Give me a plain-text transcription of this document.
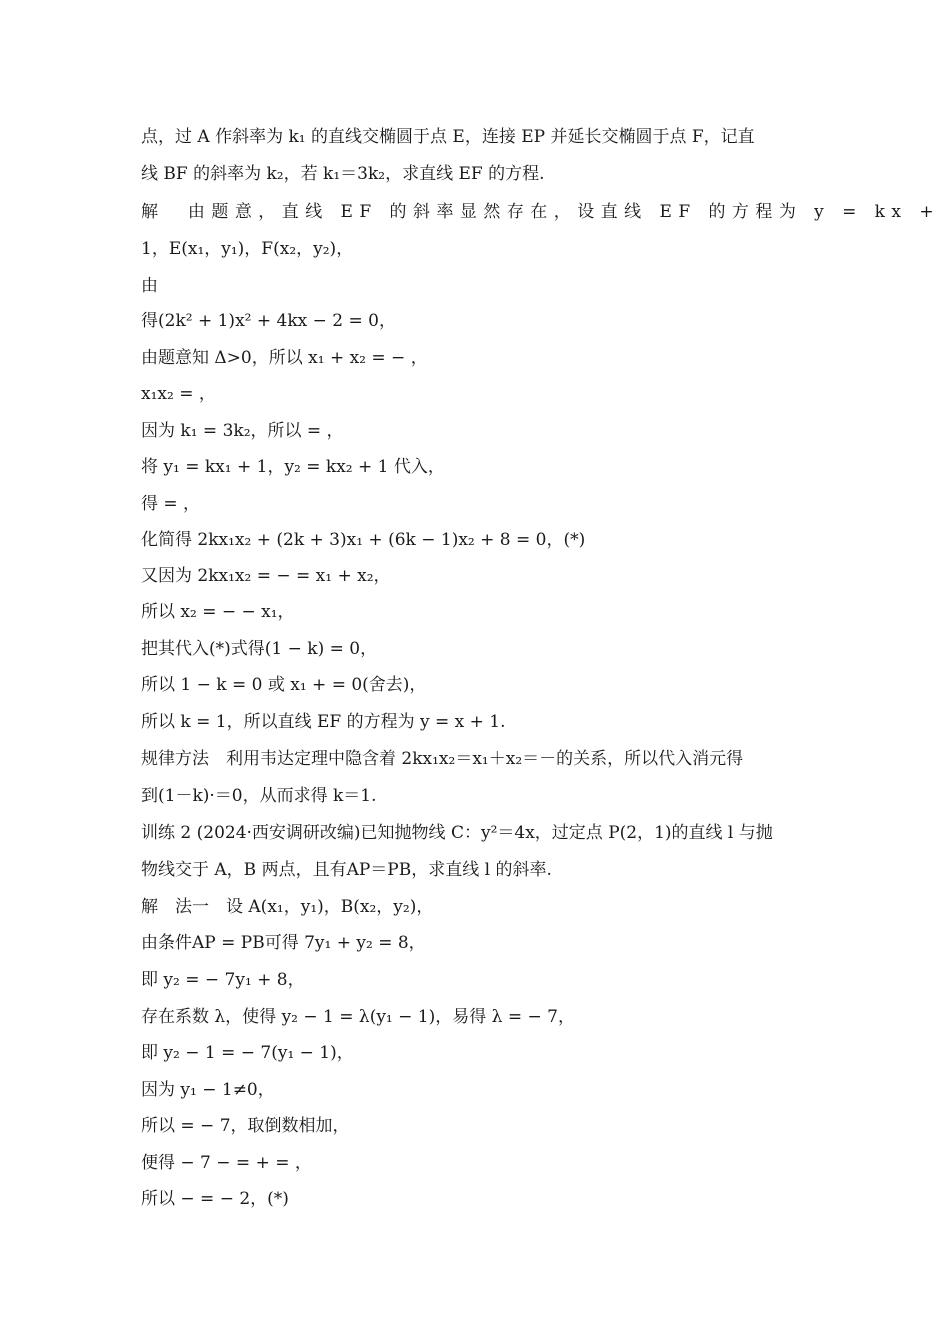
点，过 A 作斜率为 k₁ 的直线交椭圆于点 E，连接 EP 并延长交椭圆于点 F，记直
线 BF 的斜率为 k₂，若 k₁＝3k₂，求直线 EF 的方程.
解　由题意，直线 EF 的斜率显然存在，设直线 EF 的方程为 y = kx +
1，E(x₁，y₁)，F(x₂，y₂)，
由
得(2k² + 1)x² + 4kx − 2 = 0，
由题意知 Δ>0，所以 x₁ + x₂ = − ，
x₁x₂ = ，
因为 k₁ = 3k₂，所以 = ，
将 y₁ = kx₁ + 1，y₂ = kx₂ + 1 代入，
得 = ，
化简得 2kx₁x₂ + (2k + 3)x₁ + (6k − 1)x₂ + 8 = 0，(*)
又因为 2kx₁x₂ = − = x₁ + x₂，
所以 x₂ = − − x₁，
把其代入(*)式得(1 − k) = 0，
所以 1 − k = 0 或 x₁ + = 0(舍去)，
所以 k = 1，所以直线 EF 的方程为 y = x + 1.
规律方法　利用韦达定理中隐含着 2kx₁x₂＝x₁＋x₂＝－的关系，所以代入消元得
到(1－k)·＝0，从而求得 k＝1.
训练 2 (2024·西安调研改编)已知抛物线 C：y²＝4x，过定点 P(2，1)的直线 l 与抛
物线交于 A，B 两点，且有AP＝PB，求直线 l 的斜率.
解　法一　设 A(x₁，y₁)，B(x₂，y₂)，
由条件AP = PB可得 7y₁ + y₂ = 8，
即 y₂ = − 7y₁ + 8，
存在系数 λ，使得 y₂ − 1 = λ(y₁ − 1)，易得 λ = − 7，
即 y₂ − 1 = − 7(y₁ − 1)，
因为 y₁ − 1≠0，
所以 = − 7，取倒数相加，
便得 − 7 − = + = ，
所以 − = − 2，(*)
